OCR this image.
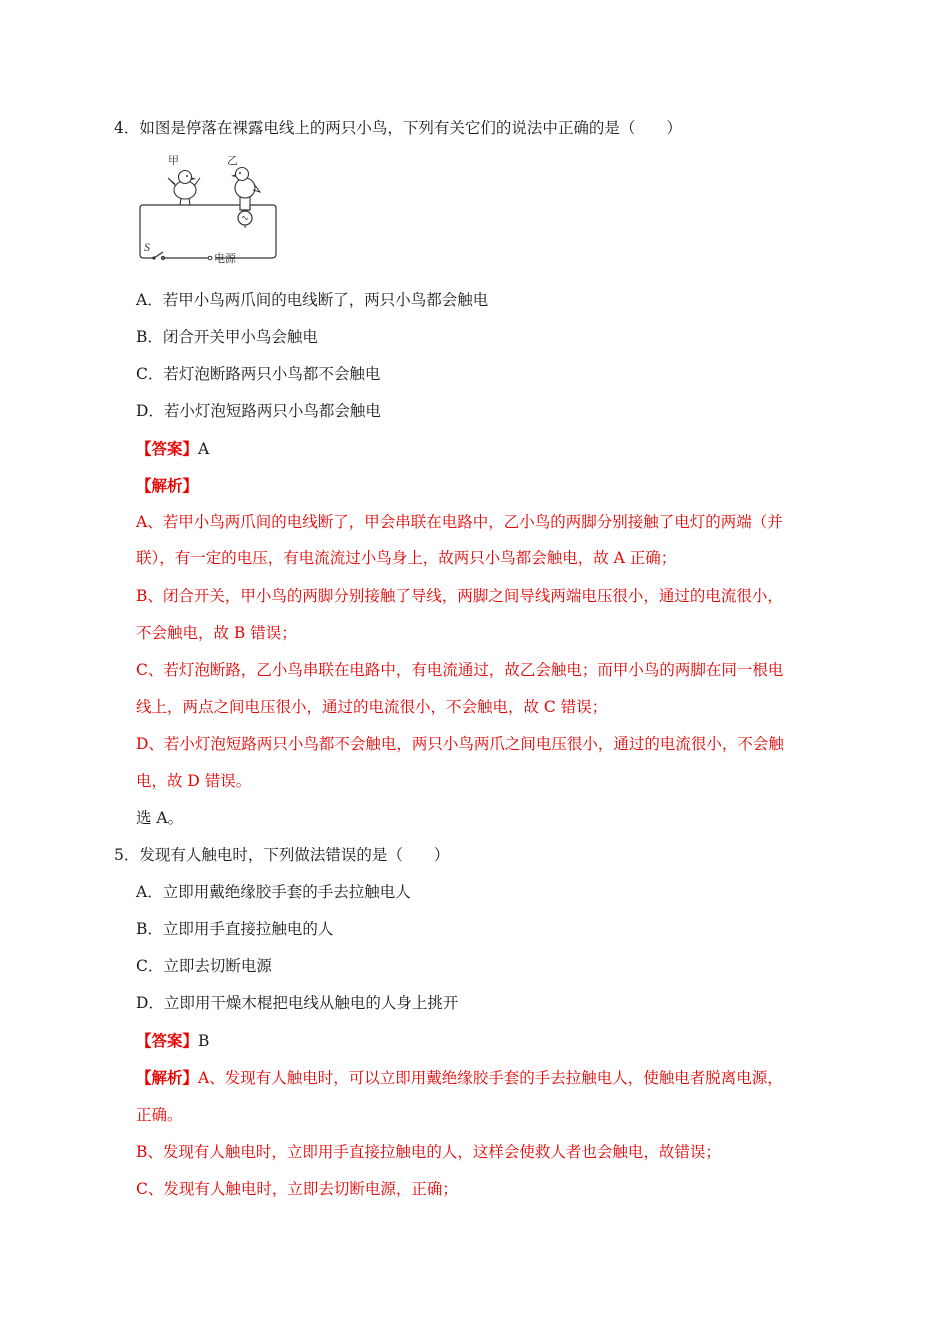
4．如图是停落在裸露电线上的两只小鸟，下列有关它们的说法中正确的是（　　）
甲	乙
S
电源
A．若甲小鸟两爪间的电线断了，两只小鸟都会触电
B．闭合开关甲小鸟会触电
C．若灯泡断路两只小鸟都不会触电
D．若小灯泡短路两只小鸟都会触电
【答案】A
【解析】
A、若甲小鸟两爪间的电线断了，甲会串联在电路中，乙小鸟的两脚分别接触了电灯的两端（并
联），有一定的电压，有电流流过小鸟身上，故两只小鸟都会触电，故 A 正确；
B、闭合开关，甲小鸟的两脚分别接触了导线，两脚之间导线两端电压很小，通过的电流很小，
不会触电，故 B 错误；
C、若灯泡断路，乙小鸟串联在电路中，有电流通过，故乙会触电；而甲小鸟的两脚在同一根电
线上，两点之间电压很小，通过的电流很小，不会触电，故 C 错误；
D、若小灯泡短路两只小鸟都不会触电，两只小鸟两爪之间电压很小，通过的电流很小，不会触
电，故 D 错误。
选 A。
5．发现有人触电时，下列做法错误的是（　　）
A．立即用戴绝缘胶手套的手去拉触电人
B．立即用手直接拉触电的人
C．立即去切断电源
D．立即用干燥木棍把电线从触电的人身上挑开
【答案】B
【解析】A、发现有人触电时，可以立即用戴绝缘胶手套的手去拉触电人，使触电者脱离电源，
正确。
B、发现有人触电时，立即用手直接拉触电的人，这样会使救人者也会触电，故错误；
C、发现有人触电时，立即去切断电源，正确；
